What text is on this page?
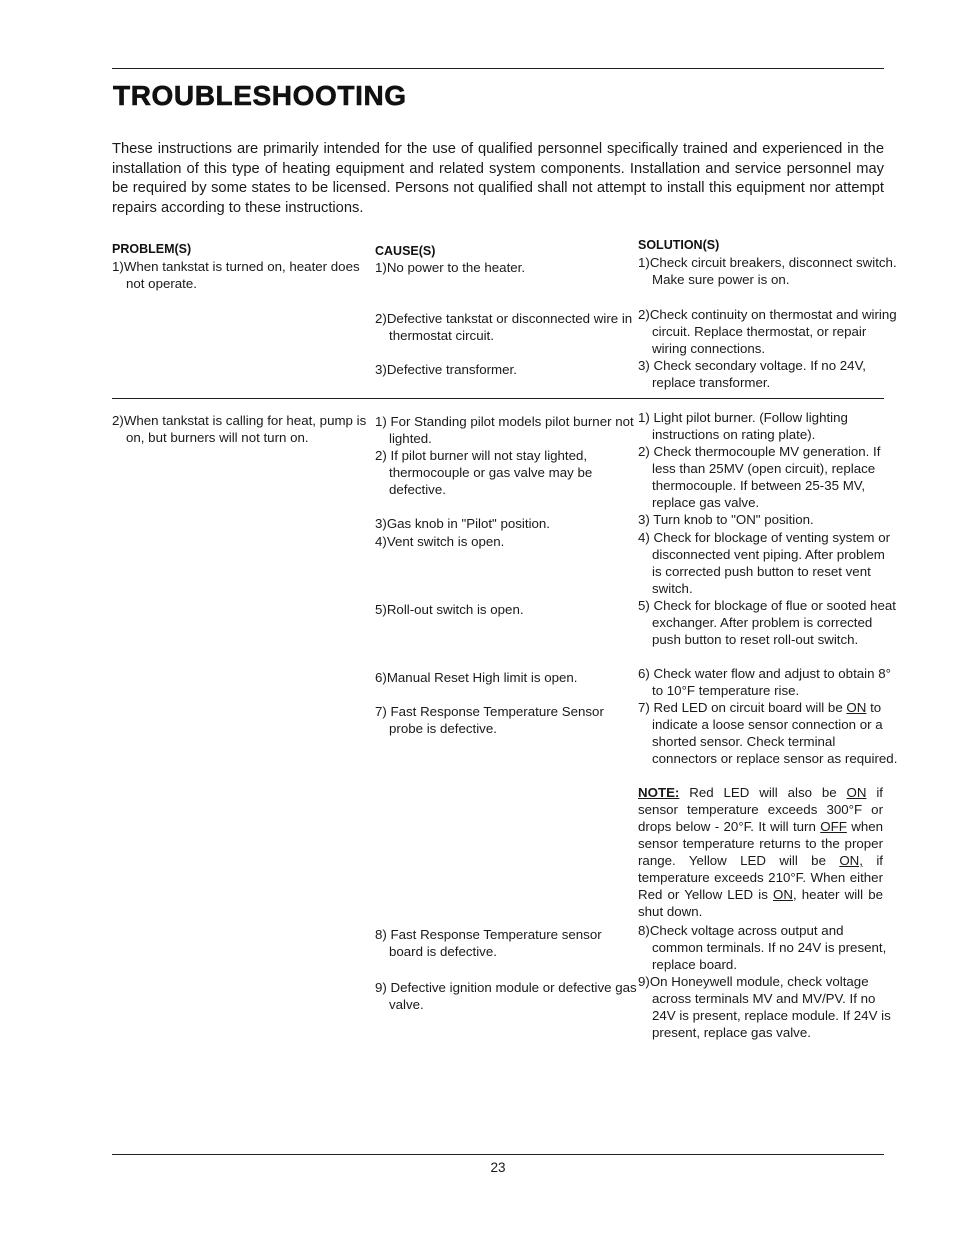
TROUBLESHOOTING

These instructions are primarily intended for the use of qualified personnel specifically trained and experienced in the installation of this type of heating equipment and related system components. Installation and service personnel may be required by some states to be licensed. Persons not qualified shall not attempt to install this equipment nor attempt repairs according to these instructions.

PROBLEM(S)	CAUSE(S)	SOLUTION(S)

1)When tankstat is turned on, heater does not operate.

1)No power to the heater.

2)Defective tankstat or disconnected wire in thermostat circuit.

3)Defective transformer.

1)Check circuit breakers, disconnect switch. Make sure power is on.

2)Check continuity on thermostat and wiring circuit. Replace thermostat, or repair wiring connections.

3) Check secondary voltage. If no 24V, replace transformer.

2)When tankstat is calling for heat, pump is on, but burners will not turn on.

1) For Standing pilot models pilot burner not lighted.

2) If pilot burner will not stay lighted, thermocouple or gas valve may be defective.

3)Gas knob in "Pilot" position.

4)Vent switch is open.

5)Roll-out switch is open.

6)Manual Reset High limit is open.

7) Fast Response Temperature Sensor probe is defective.

8) Fast Response Temperature sensor board is defective.

9) Defective ignition module or defective gas valve.

1) Light pilot burner. (Follow lighting instructions on rating plate).

2) Check thermocouple MV generation. If less than 25MV (open circuit), replace thermocouple. If between 25-35 MV, replace gas valve.

3) Turn knob to "ON" position.

4) Check for blockage of venting system or disconnected vent piping. After problem is corrected push button to reset vent switch.

5) Check for blockage of flue or sooted heat exchanger. After problem is corrected push button to reset roll-out switch.

6) Check water flow and adjust to obtain 8° to 10°F temperature rise.

7) Red LED on circuit board will be ON to indicate a loose sensor connection or a shorted sensor. Check terminal connectors or replace sensor as required.

NOTE: Red LED will also be ON if sensor temperature exceeds 300°F or drops below - 20°F. It will turn OFF when sensor temperature returns to the proper range. Yellow LED will be ON, if temperature exceeds 210°F. When either Red or Yellow LED is ON, heater will be shut down.

8)Check voltage across output and common terminals. If no 24V is present, replace board.

9)On Honeywell module, check voltage across terminals MV and MV/PV. If no 24V is present, replace module. If 24V is present, replace gas valve.

23
